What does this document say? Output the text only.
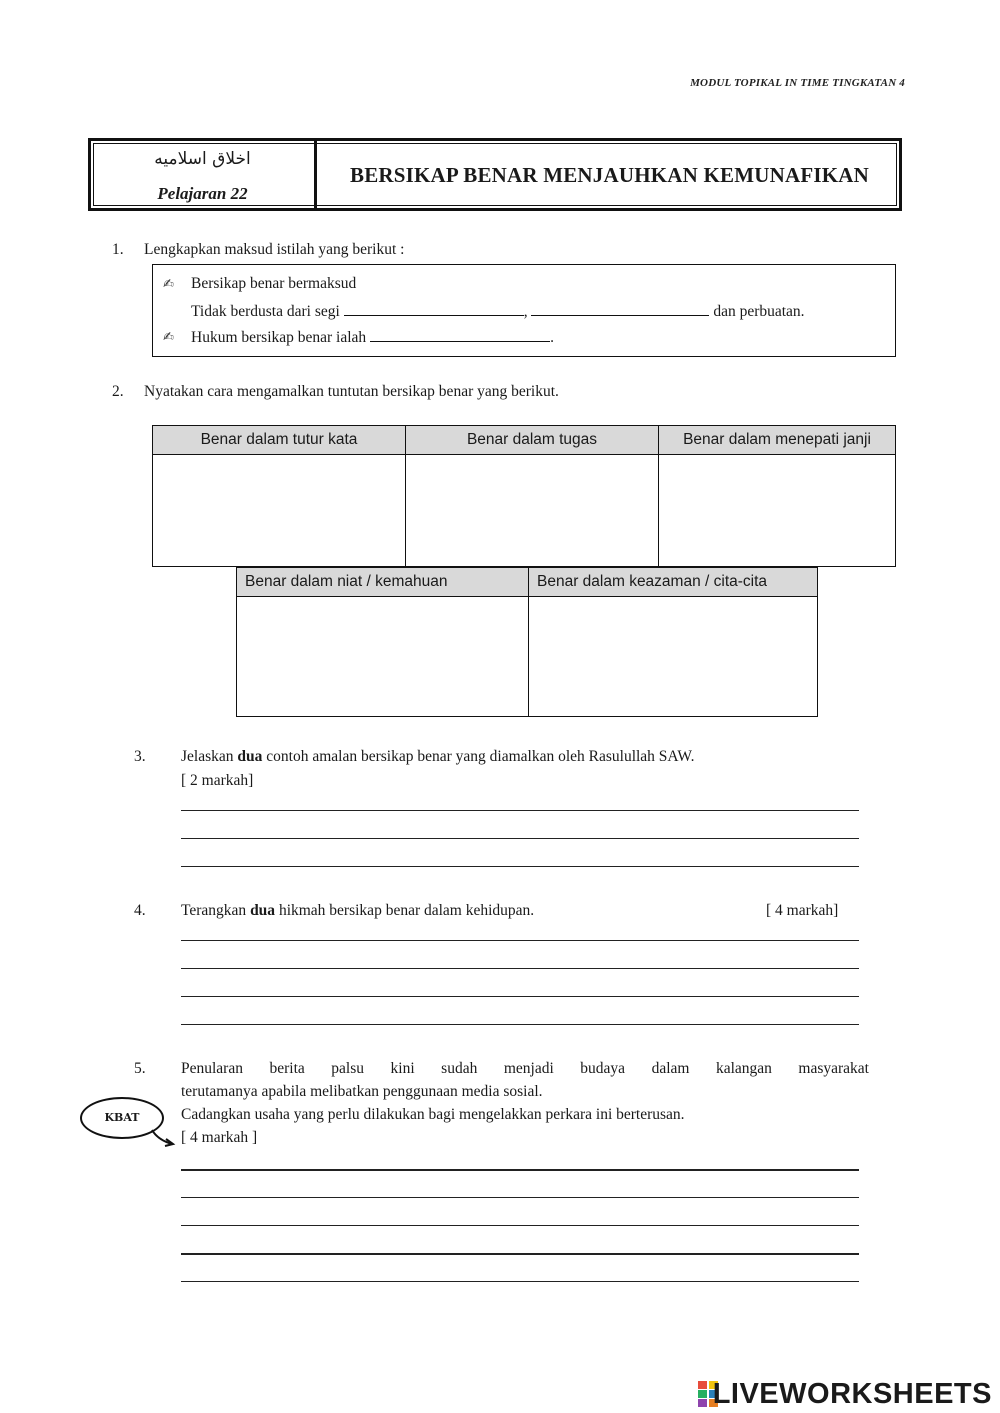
MODUL TOPIKAL IN TIME TINGKATAN 4
اخلاق اسلاميه
Pelajaran 22
BERSIKAP BENAR MENJAUHKAN KEMUNAFIKAN
1. Lengkapkan maksud istilah yang berikut :
✍ Bersikap benar bermaksud
Tidak berdusta dari segi	,	dan perbuatan.
✍ Hukum bersikap benar ialah	.
2. Nyatakan cara mengamalkan tuntutan bersikap benar yang berikut.
Benar dalam tutur kata	Benar dalam tugas	Benar dalam menepati janji

Benar dalam niat / kemahuan	Benar dalam keazaman / cita-cita

3. Jelaskan dua contoh amalan bersikap benar yang diamalkan oleh Rasulullah SAW.
[ 2 markah]
4. Terangkan dua hikmah bersikap benar dalam kehidupan.	[ 4 markah]
5. Penularan berita palsu kini sudah menjadi budaya dalam kalangan masyarakat
terutamanya apabila melibatkan penggunaan media sosial.
Cadangkan usaha yang perlu dilakukan bagi mengelakkan perkara ini berterusan.
[ 4 markah ]
KBAT
LIVEWORKSHEETS
